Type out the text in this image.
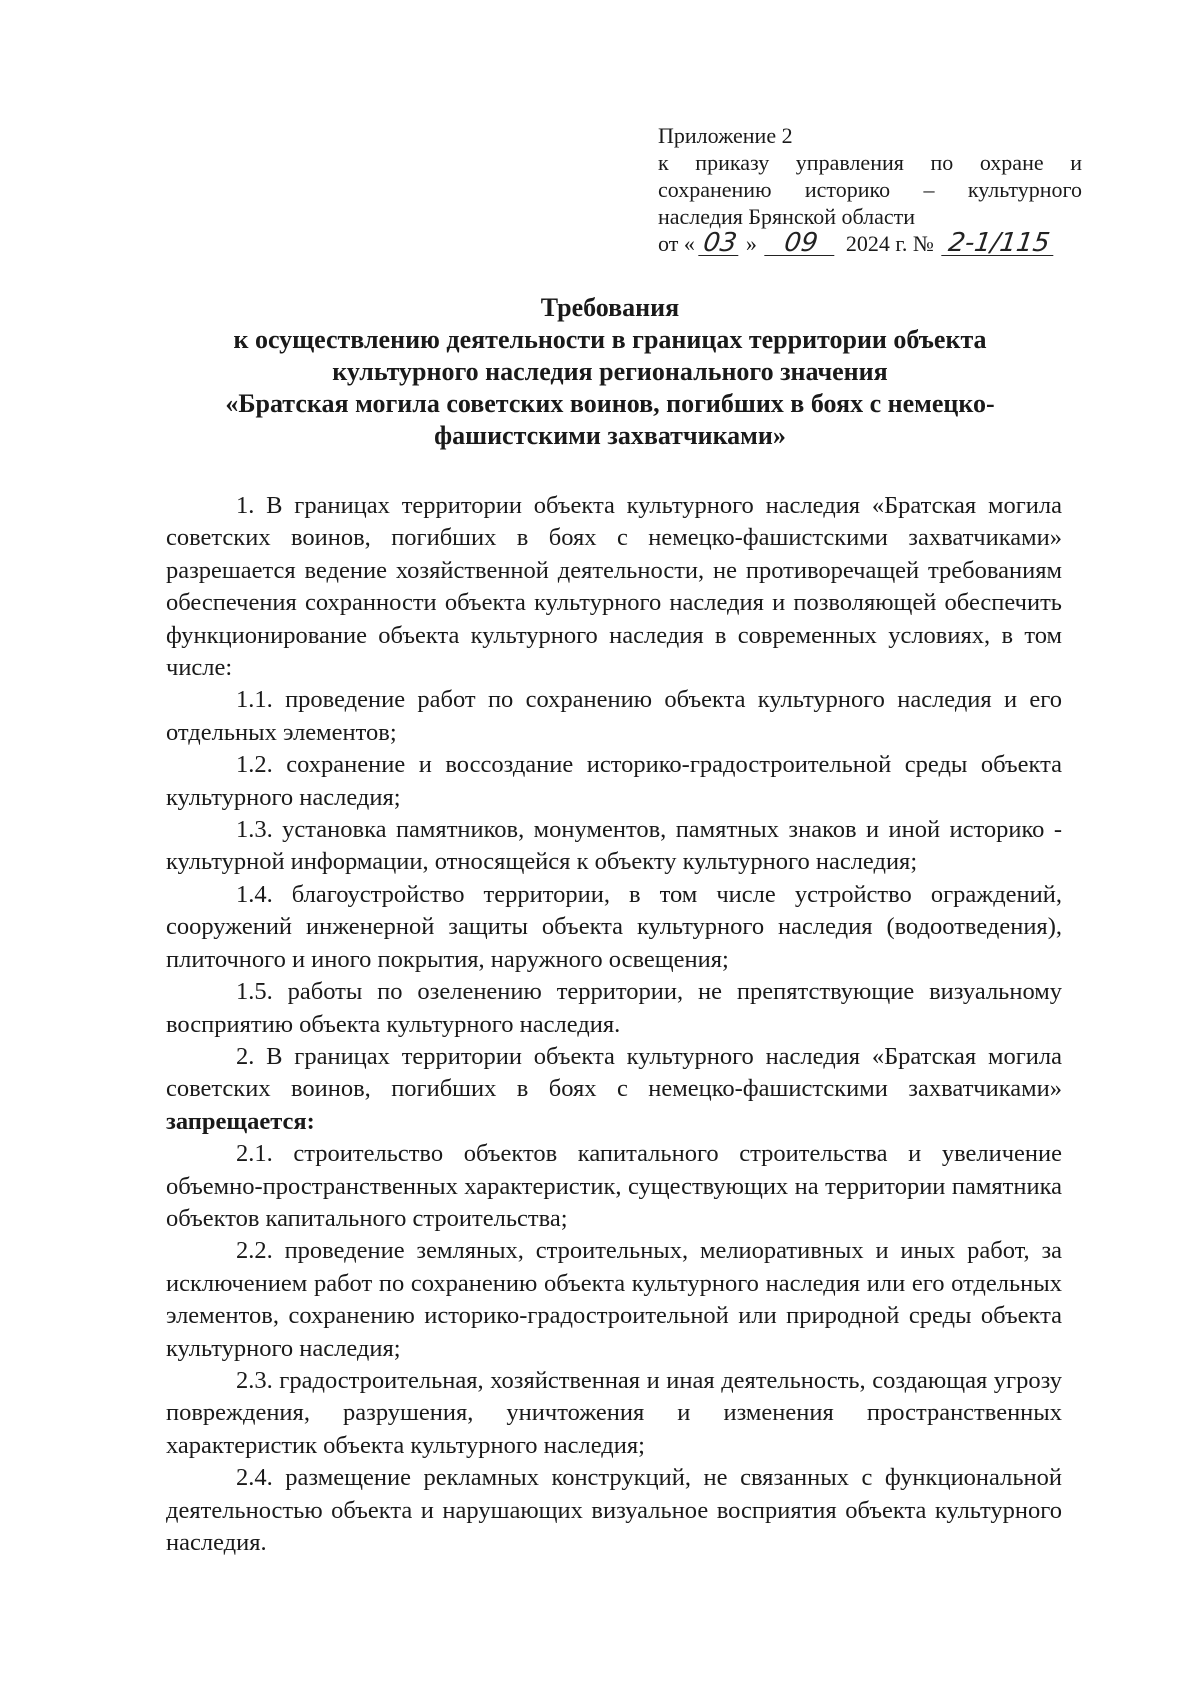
Приложение 2
к приказу управления по охране и
сохранению историко – культурного
наследия Брянской области
от « 03 » 09 2024 г. № 2-1/115
Требования
к осуществлению деятельности в границах территории объекта
культурного наследия регионального значения
«Братская могила советских воинов, погибших в боях с немецко-
фашистскими захватчиками»

1. В границах территории объекта культурного наследия «Братская могила советских воинов, погибших в боях с немецко-фашистскими захватчиками» разрешается ведение хозяйственной деятельности, не противоречащей требованиям обеспечения сохранности объекта культурного наследия и позволяющей обеспечить функционирование объекта культурного наследия в современных условиях, в том числе:

1.1. проведение работ по сохранению объекта культурного наследия и его отдельных элементов;

1.2. сохранение и воссоздание историко-градостроительной среды объекта культурного наследия;

1.3. установка памятников, монументов, памятных знаков и иной историко - культурной информации, относящейся к объекту культурного наследия;

1.4. благоустройство территории, в том числе устройство ограждений, сооружений инженерной защиты объекта культурного наследия (водоотведения), плиточного и иного покрытия, наружного освещения;

1.5. работы по озеленению территории, не препятствующие визуальному восприятию объекта культурного наследия.

2. В границах территории объекта культурного наследия «Братская могила советских воинов, погибших в боях с немецко-фашистскими захватчиками» запрещается:

2.1. строительство объектов капитального строительства и увеличение объемно-пространственных характеристик, существующих на территории памятника объектов капитального строительства;

2.2. проведение земляных, строительных, мелиоративных и иных работ, за исключением работ по сохранению объекта культурного наследия или его отдельных элементов, сохранению историко-градостроительной или природной среды объекта культурного наследия;

2.3. градостроительная, хозяйственная и иная деятельность, создающая угрозу повреждения, разрушения, уничтожения и изменения пространственных характеристик объекта культурного наследия;

2.4. размещение рекламных конструкций, не связанных с функциональной деятельностью объекта и нарушающих визуальное восприятия объекта культурного наследия.
